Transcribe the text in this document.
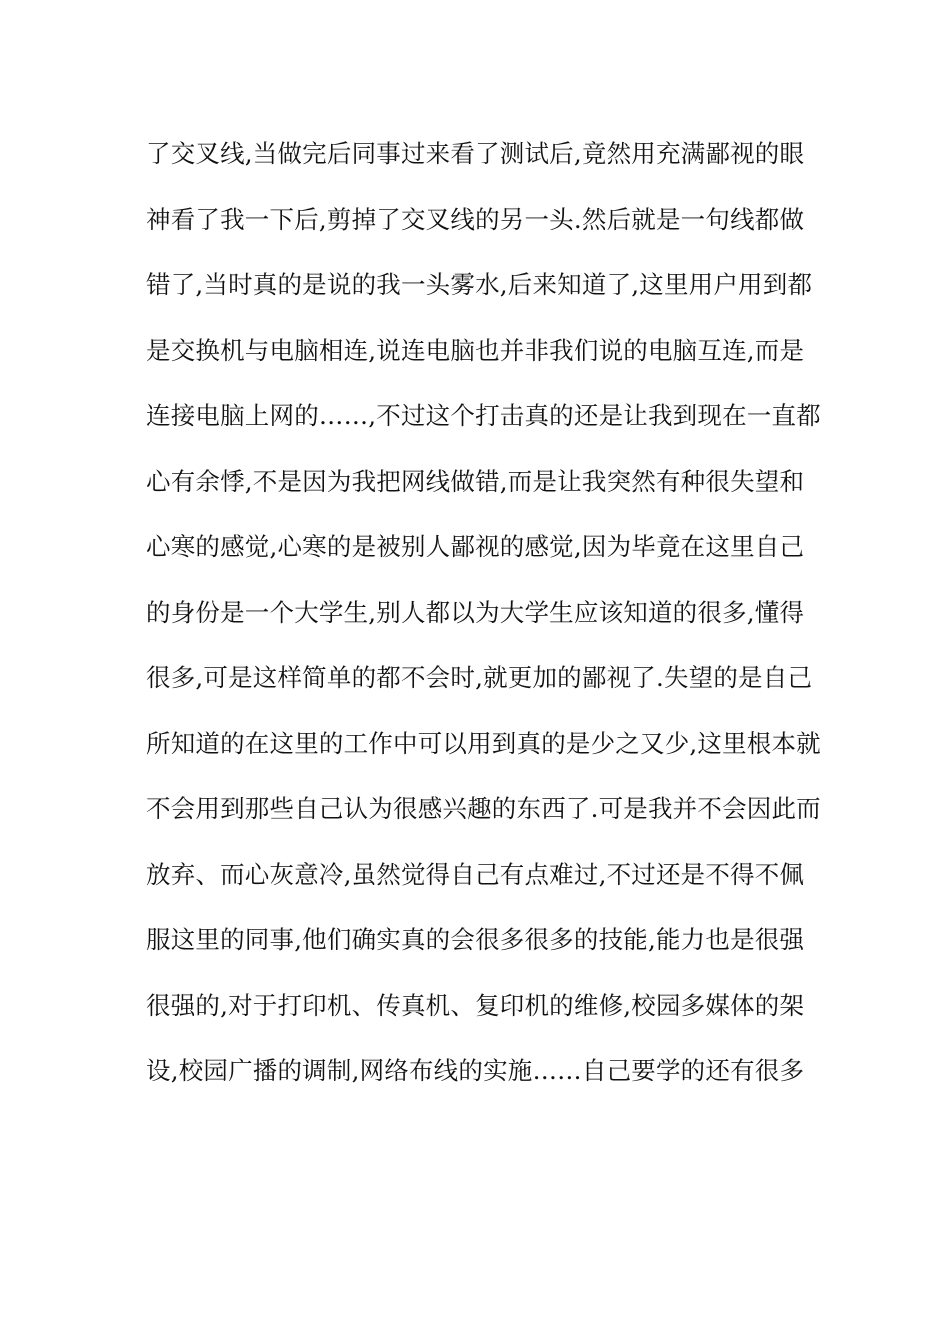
了交叉线,当做完后同事过来看了测试后,竟然用充满鄙视的眼
神看了我一下后,剪掉了交叉线的另一头.然后就是一句线都做
错了,当时真的是说的我一头雾水,后来知道了,这里用户用到都
是交换机与电脑相连,说连电脑也并非我们说的电脑互连,而是
连接电脑上网的……,不过这个打击真的还是让我到现在一直都
心有余悸,不是因为我把网线做错,而是让我突然有种很失望和
心寒的感觉,心寒的是被别人鄙视的感觉,因为毕竟在这里自己
的身份是一个大学生,别人都以为大学生应该知道的很多,懂得
很多,可是这样简单的都不会时,就更加的鄙视了.失望的是自己
所知道的在这里的工作中可以用到真的是少之又少,这里根本就
不会用到那些自己认为很感兴趣的东西了.可是我并不会因此而
放弃、而心灰意冷,虽然觉得自己有点难过,不过还是不得不佩
服这里的同事,他们确实真的会很多很多的技能,能力也是很强
很强的,对于打印机、传真机、复印机的维修,校园多媒体的架
设,校园广播的调制,网络布线的实施……自己要学的还有很多
